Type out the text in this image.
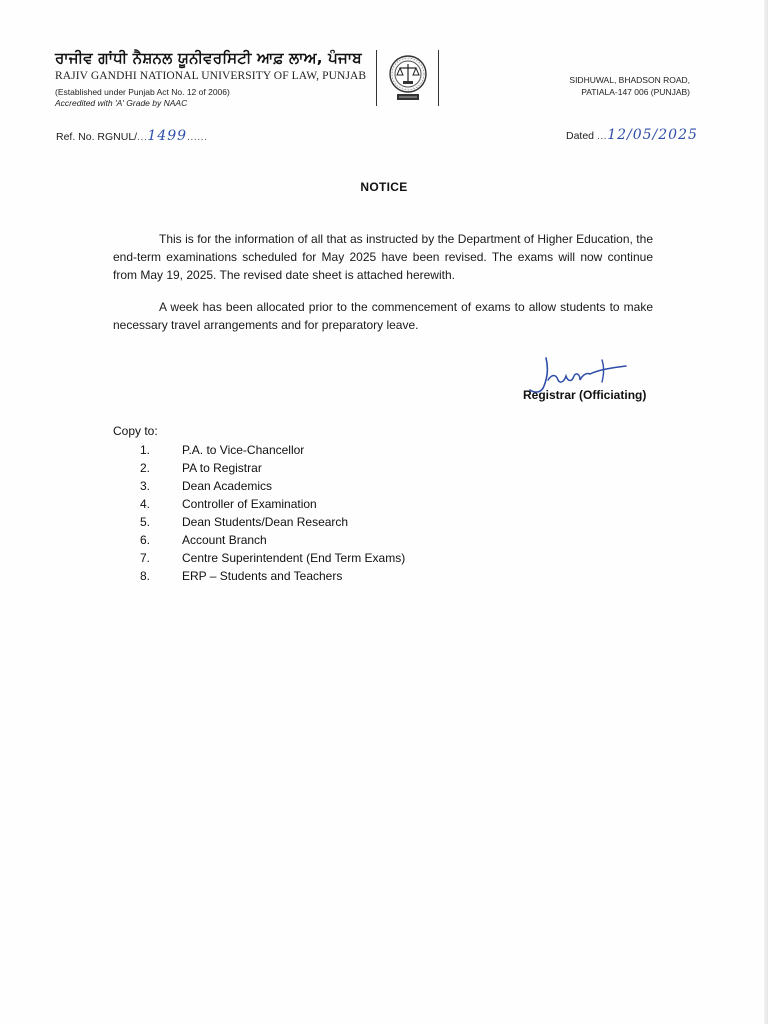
ਰਾਜੀਵ ਗਾਂਧੀ ਨੈਸ਼ਨਲ ਯੂਨੀਵਰਸਿਟੀ ਆਫ਼ ਲਾਅ, ਪੰਜਾਬ
RAJIV GANDHI NATIONAL UNIVERSITY OF LAW, PUNJAB
(Established under Punjab Act No. 12 of 2006)
Accredited with 'A' Grade by NAAC
SIDHUWAL, BHADSON ROAD,
PATIALA-147 006 (PUNJAB)
Ref. No. RGNUL/...1499......	Dated ...12/05/2025
NOTICE
This is for the information of all that as instructed by the Department of Higher Education, the end-term examinations scheduled for May 2025 have been revised. The exams will now continue from May 19, 2025. The revised date sheet is attached herewith.
A week has been allocated prior to the commencement of exams to allow students to make necessary travel arrangements and for preparatory leave.
Registrar (Officiating)
Copy to:
1.	P.A. to Vice-Chancellor
2.	PA to Registrar
3.	Dean Academics
4.	Controller of Examination
5.	Dean Students/Dean Research
6.	Account Branch
7.	Centre Superintendent (End Term Exams)
8.	ERP – Students and Teachers
